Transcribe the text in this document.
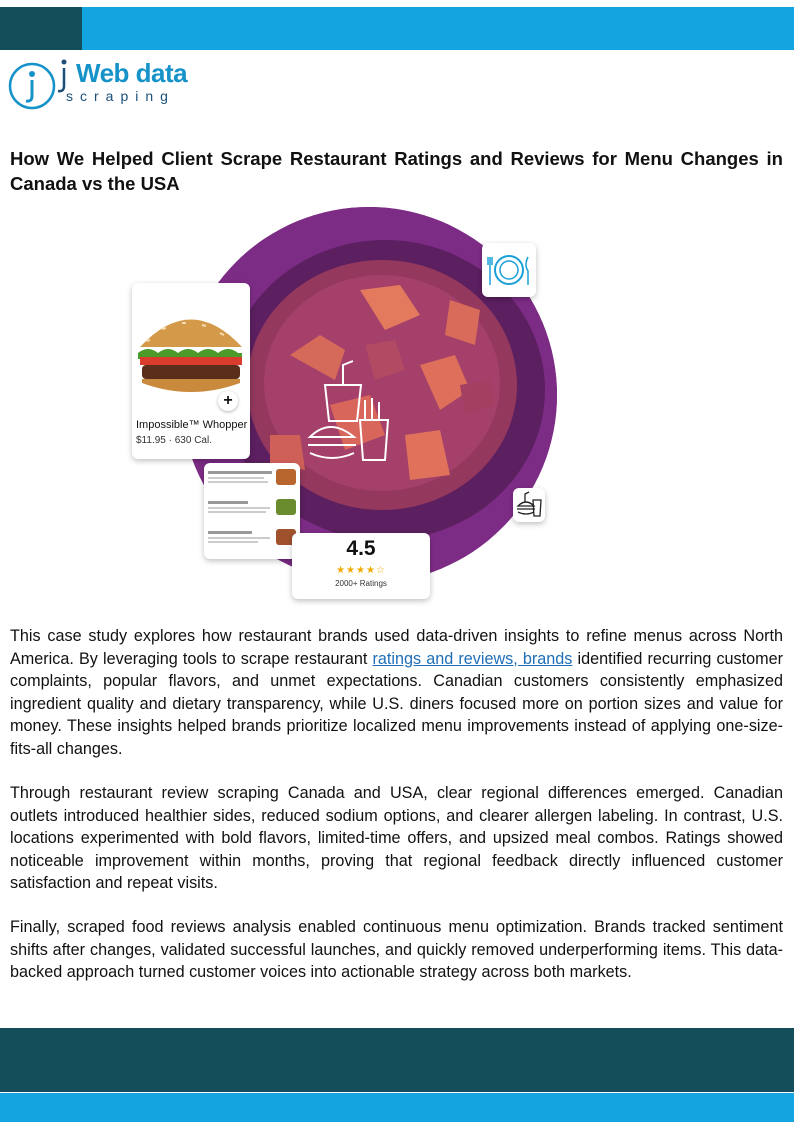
Web data
scraping
How We Helped Client Scrape Restaurant Ratings and Reviews for Menu Changes in Canada vs the USA
+
Impossible™ Whopper
$11.95 · 630 Cal.
4.5
★★★★☆
2000+ Ratings

This case study explores how restaurant brands used data-driven insights to refine menus across North America. By leveraging tools to scrape restaurant ratings and reviews, brands identified recurring customer complaints, popular flavors, and unmet expectations. Canadian customers consistently emphasized ingredient quality and dietary transparency, while U.S. diners focused more on portion sizes and value for money. These insights helped brands prioritize localized menu improvements instead of applying one-size-fits-all changes.

Through restaurant review scraping Canada and USA, clear regional differences emerged. Canadian outlets introduced healthier sides, reduced sodium options, and clearer allergen labeling. In contrast, U.S. locations experimented with bold flavors, limited-time offers, and upsized meal combos. Ratings showed noticeable improvement within months, proving that regional feedback directly influenced customer satisfaction and repeat visits.

Finally, scraped food reviews analysis enabled continuous menu optimization. Brands tracked sentiment shifts after changes, validated successful launches, and quickly removed underperforming items. This data-backed approach turned customer voices into actionable strategy across both markets.
